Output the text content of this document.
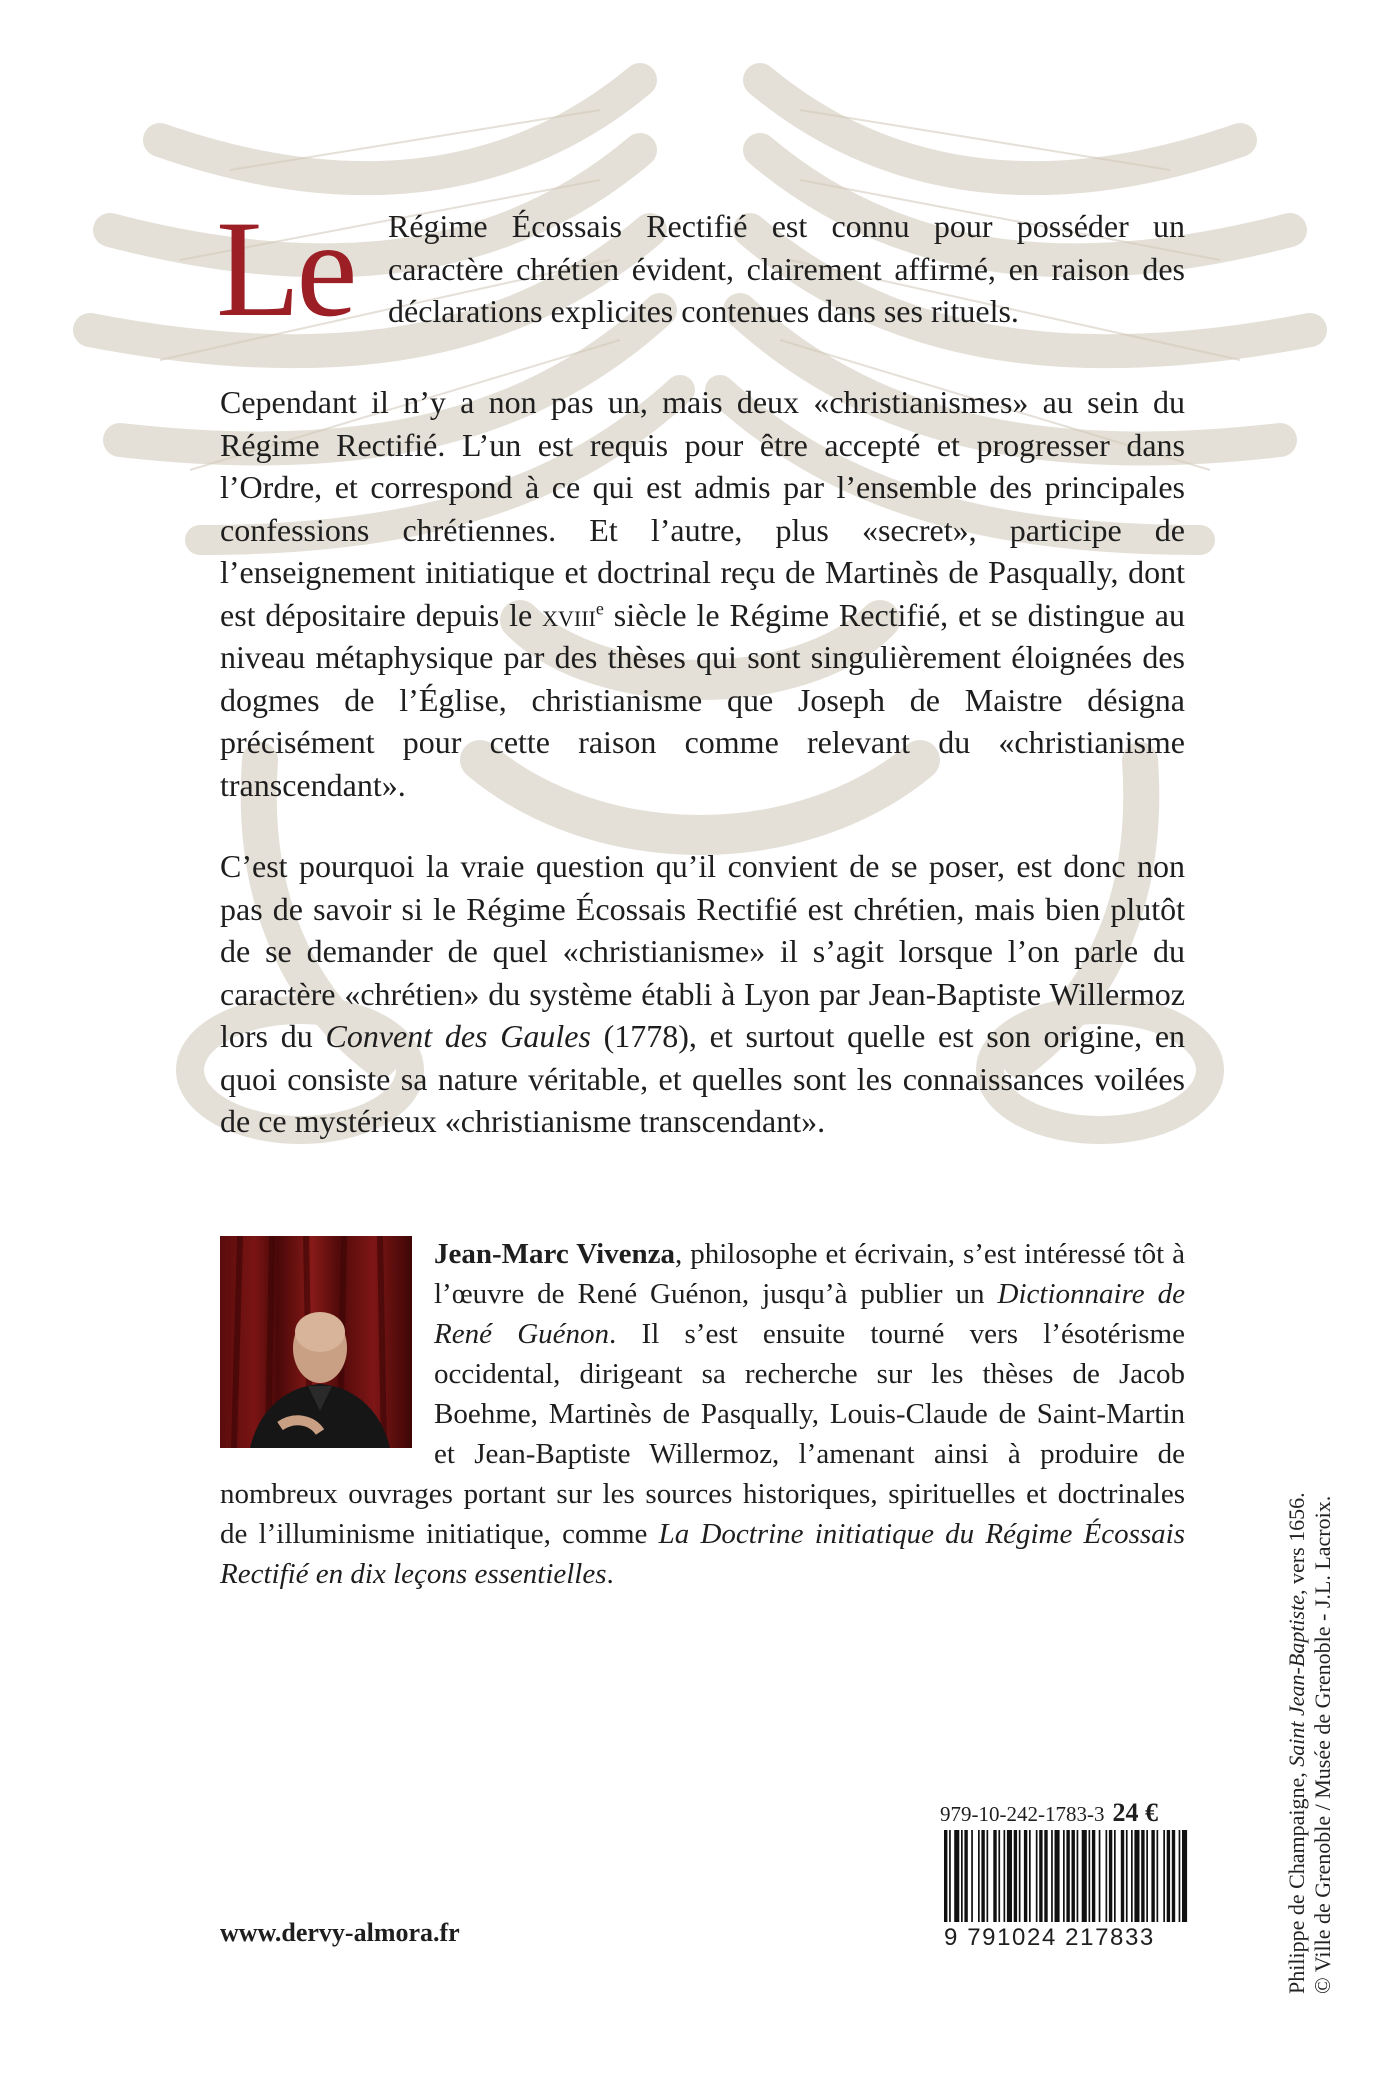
Le Régime Écossais Rectifié est connu pour posséder un caractère chrétien évident, clairement affirmé, en raison des déclarations explicites contenues dans ses rituels.

Cependant il n’y a non pas un, mais deux «christianismes» au sein du Régime Rectifié. L’un est requis pour être accepté et progresser dans l’Ordre, et correspond à ce qui est admis par l’ensemble des principales confessions chrétiennes. Et l’autre, plus «secret», participe de l’enseignement initiatique et doctrinal reçu de Martinès de Pasqually, dont est dépositaire depuis le xviii$^e$ siècle le Régime Rectifié, et se distingue au niveau métaphysique par des thèses qui sont singulièrement éloignées des dogmes de l’Église, christianisme que Joseph de Maistre désigna précisément pour cette raison comme relevant du «christianisme transcendant».

C’est pourquoi la vraie question qu’il convient de se poser, est donc non pas de savoir si le Régime Écossais Rectifié est chrétien, mais bien plutôt de se demander de quel «christianisme» il s’agit lorsque l’on parle du caractère «chrétien» du système établi à Lyon par Jean-Baptiste Willermoz lors du Convent des Gaules (1778), et surtout quelle est son origine, en quoi consiste sa nature véritable, et quelles sont les connaissances voilées de ce mystérieux «christianisme transcendant».

Jean-Marc Vivenza, philosophe et écrivain, s’est intéressé tôt à l’œuvre de René Guénon, jusqu’à publier un Dictionnaire de René Guénon. Il s’est ensuite tourné vers l’ésotérisme occidental, dirigeant sa recherche sur les thèses de Jacob Boehme, Martinès de Pasqually, Louis-Claude de Saint-Martin et Jean-Baptiste Willermoz, l’amenant ainsi à produire de nombreux ouvrages portant sur les sources historiques, spirituelles et doctrinales de l’illuminisme initiatique, comme La Doctrine initiatique du Régime Écossais Rectifié en dix leçons essentielles.

www.dervy-almora.fr
979-10-242-1783-3 24 €
9 791024 217833	Philippe de Champaigne, Saint Jean-Baptiste, vers 1656. © Ville de Grenoble / Musée de Grenoble - J.L. Lacroix.
